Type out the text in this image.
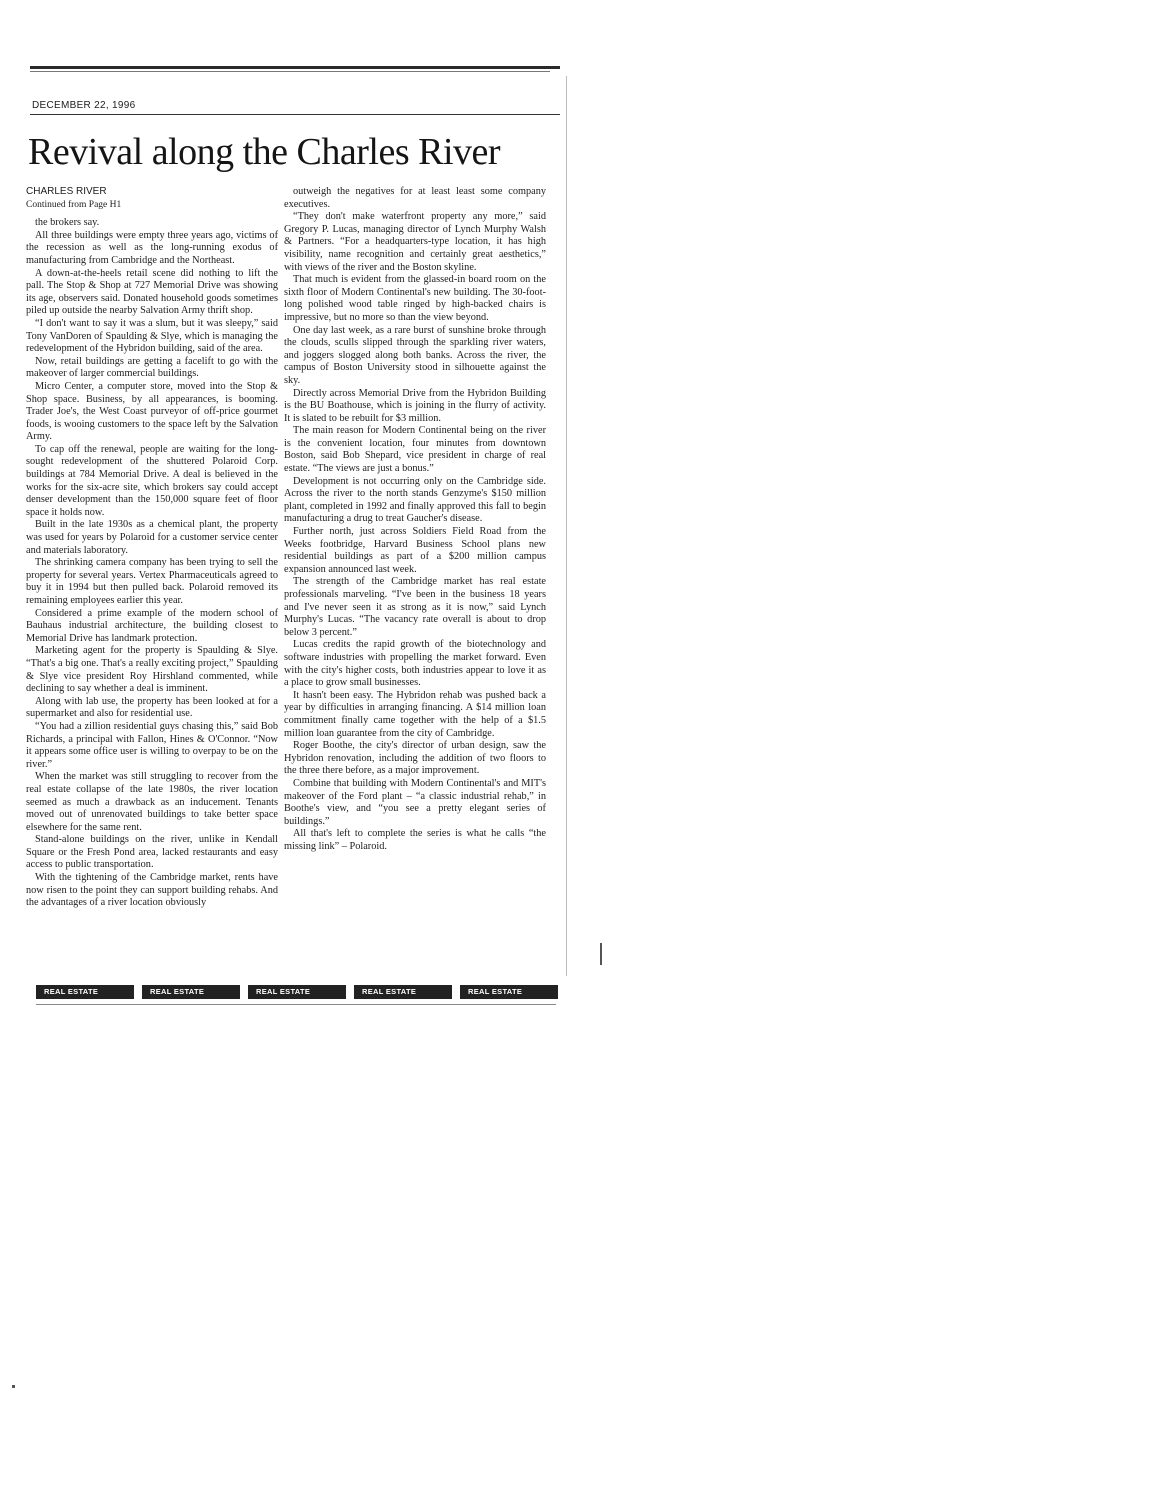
DECEMBER 22, 1996
Revival along the Charles River

CHARLES RIVER

Continued from Page H1

the brokers say.

All three buildings were empty three years ago, victims of the recession as well as the long-running exodus of manufacturing from Cambridge and the Northeast.

A down-at-the-heels retail scene did nothing to lift the pall. The Stop & Shop at 727 Memorial Drive was showing its age, observers said. Donated household goods sometimes piled up outside the nearby Salvation Army thrift shop.

“I don't want to say it was a slum, but it was sleepy,” said Tony VanDoren of Spaulding & Slye, which is managing the redevelopment of the Hybridon building, said of the area.

Now, retail buildings are getting a facelift to go with the makeover of larger commercial buildings.

Micro Center, a computer store, moved into the Stop & Shop space. Business, by all appearances, is booming. Trader Joe's, the West Coast purveyor of off-price gourmet foods, is wooing customers to the space left by the Salvation Army.

To cap off the renewal, people are waiting for the long-sought redevelopment of the shuttered Polaroid Corp. buildings at 784 Memorial Drive. A deal is believed in the works for the six-acre site, which brokers say could accept denser development than the 150,000 square feet of floor space it holds now.

Built in the late 1930s as a chemical plant, the property was used for years by Polaroid for a customer service center and materials laboratory.

The shrinking camera company has been trying to sell the property for several years. Vertex Pharmaceuticals agreed to buy it in 1994 but then pulled back. Polaroid removed its remaining employees earlier this year.

Considered a prime example of the modern school of Bauhaus industrial architecture, the building closest to Memorial Drive has landmark protection.

Marketing agent for the property is Spaulding & Slye. “That's a big one. That's a really exciting project,” Spaulding & Slye vice president Roy Hirshland commented, while declining to say whether a deal is imminent.

Along with lab use, the property has been looked at for a supermarket and also for residential use.

“You had a zillion residential guys chasing this,” said Bob Richards, a principal with Fallon, Hines & O'Connor. “Now it appears some office user is willing to overpay to be on the river.”

When the market was still struggling to recover from the real estate collapse of the late 1980s, the river location seemed as much a drawback as an inducement. Tenants moved out of unrenovated buildings to take better space elsewhere for the same rent.

Stand-alone buildings on the river, unlike in Kendall Square or the Fresh Pond area, lacked restaurants and easy access to public transportation.

With the tightening of the Cambridge market, rents have now risen to the point they can support building rehabs. And the advantages of a river location obviously

outweigh the negatives for at least least some company executives.

“They don't make waterfront property any more,” said Gregory P. Lucas, managing director of Lynch Murphy Walsh & Partners. “For a headquarters-type location, it has high visibility, name recognition and certainly great aesthetics,” with views of the river and the Boston skyline.

That much is evident from the glassed-in board room on the sixth floor of Modern Continental's new building. The 30-foot-long polished wood table ringed by high-backed chairs is impressive, but no more so than the view beyond.

One day last week, as a rare burst of sunshine broke through the clouds, sculls slipped through the sparkling river waters, and joggers slogged along both banks. Across the river, the campus of Boston University stood in silhouette against the sky.

Directly across Memorial Drive from the Hybridon Building is the BU Boathouse, which is joining in the flurry of activity. It is slated to be rebuilt for $3 million.

The main reason for Modern Continental being on the river is the convenient location, four minutes from downtown Boston, said Bob Shepard, vice president in charge of real estate. “The views are just a bonus.”

Development is not occurring only on the Cambridge side. Across the river to the north stands Genzyme's $150 million plant, completed in 1992 and finally approved this fall to begin manufacturing a drug to treat Gaucher's disease.

Further north, just across Soldiers Field Road from the Weeks footbridge, Harvard Business School plans new residential buildings as part of a $200 million campus expansion announced last week.

The strength of the Cambridge market has real estate professionals marveling. “I've been in the business 18 years and I've never seen it as strong as it is now,” said Lynch Murphy's Lucas. “The vacancy rate overall is about to drop below 3 percent.”

Lucas credits the rapid growth of the biotechnology and software industries with propelling the market forward. Even with the city's higher costs, both industries appear to love it as a place to grow small businesses.

It hasn't been easy. The Hybridon rehab was pushed back a year by difficulties in arranging financing. A $14 million loan commitment finally came together with the help of a $1.5 million loan guarantee from the city of Cambridge.

Roger Boothe, the city's director of urban design, saw the Hybridon renovation, including the addition of two floors to the three there before, as a major improvement.

Combine that building with Modern Continental's and MIT's makeover of the Ford plant – “a classic industrial rehab,” in Boothe's view, and “you see a pretty elegant series of buildings.”

All that's left to complete the series is what he calls “the missing link” – Polaroid.

REAL ESTATE	REAL ESTATE	REAL ESTATE	REAL ESTATE	REAL ESTATE
